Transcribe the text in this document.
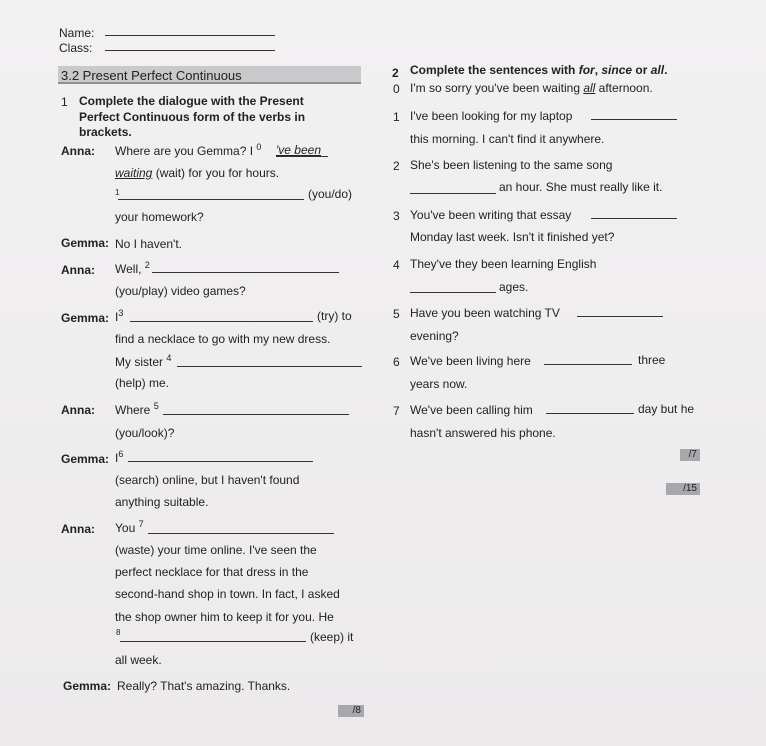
Name:
Class:
3.2 Present Perfect Continuous
1 Complete the dialogue with the Present
Perfect Continuous form of the verbs in
brackets.
Anna: Where are you Gemma? I $^0$ 've been
waiting (wait) for you for hours.
1	(you/do)
your homework?
Gemma: No I haven't.
Anna: Well, $^2$
(you/play) video games?
Gemma: $I^3$	(try) to
find a necklace to go with my new dress.
My sister $^4$
(help) me.
Anna: Where $^5$
(you/look)?
Gemma: $I^6$
(search) online, but I haven't found
anything suitable.
Anna: You $^7$
(waste) your time online. I've seen the
perfect necklace for that dress in the
second-hand shop in town. In fact, I asked
the shop owner him to keep it for you. He
8	(keep) it
all week.
Gemma: Really? That's amazing. Thanks.
/8
2 Complete the sentences with for, since or all.
0 I'm so sorry you've been waiting all afternoon.
1 I've been looking for my laptop
this morning. I can't find it anywhere.
2 She's been listening to the same song
an hour. She must really like it.
3 You've been writing that essay
Monday last week. Isn't it finished yet?
4 They've they been learning English
ages.
5 Have you been watching TV
evening?
6 We've been living here	three
years now.
7 We've been calling him	day but he
hasn't answered his phone.
/7
/15
